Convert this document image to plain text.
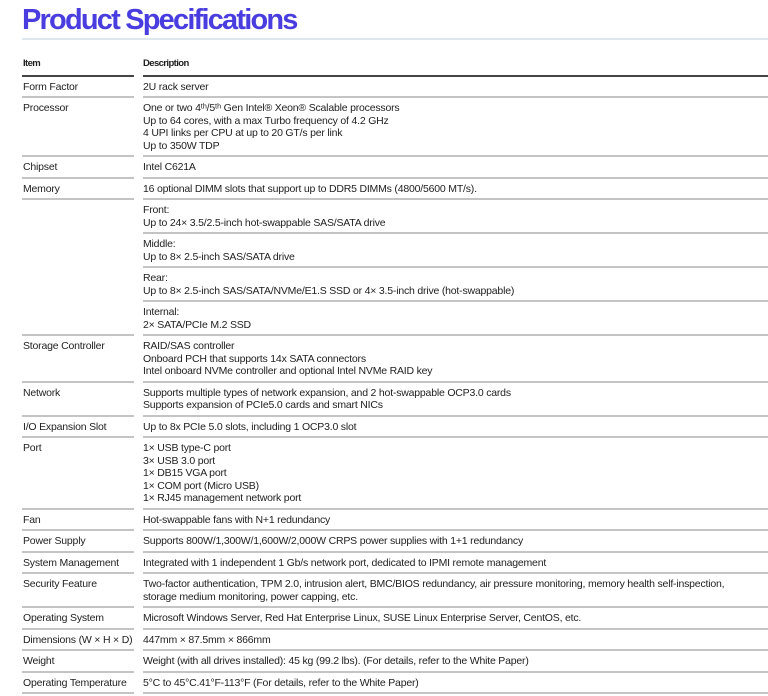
Product Specifications
Item	Description
Form Factor	2U rack server
Processor	One or two 4ᵗʰ/5ᵗʰ Gen Intel® Xeon® Scalable processors
Up to 64 cores, with a max Turbo frequency of 4.2 GHz
4 UPI links per CPU at up to 20 GT/s per link
Up to 350W TDP
Chipset	Intel C621A
Memory	16 optional DIMM slots that support up to DDR5 DIMMs (4800/5600 MT/s).
Front:
Up to 24× 3.5/2.5-inch hot-swappable SAS/SATA drive
Middle:
Up to 8× 2.5-inch SAS/SATA drive
Rear:
Up to 8× 2.5-inch SAS/SATA/NVMe/E1.S SSD or 4× 3.5-inch drive (hot-swappable)
Internal:
2× SATA/PCIe M.2 SSD
Storage Controller	RAID/SAS controller
Onboard PCH that supports 14x SATA connectors
Intel onboard NVMe controller and optional Intel NVMe RAID key
Network	Supports multiple types of network expansion, and 2 hot-swappable OCP3.0 cards
Supports expansion of PCIe5.0 cards and smart NICs
I/O Expansion Slot	Up to 8x PCIe 5.0 slots, including 1 OCP3.0 slot
Port	1× USB type-C port
3× USB 3.0 port
1× DB15 VGA port
1× COM port (Micro USB)
1× RJ45 management network port
Fan	Hot-swappable fans with N+1 redundancy
Power Supply	Supports 800W/1,300W/1,600W/2,000W CRPS power supplies with 1+1 redundancy
System Management	Integrated with 1 independent 1 Gb/s network port, dedicated to IPMI remote management
Security Feature	Two-factor authentication, TPM 2.0, intrusion alert, BMC/BIOS redundancy, air pressure monitoring, memory health self-inspection,
storage medium monitoring, power capping, etc.
Operating System	Microsoft Windows Server, Red Hat Enterprise Linux, SUSE Linux Enterprise Server, CentOS, etc.
Dimensions (W × H × D) 447mm × 87.5mm × 866mm
Weight	Weight (with all drives installed): 45 kg (99.2 lbs). (For details, refer to the White Paper)
Operating Temperature	5°C to 45°C.41°F-113°F (For details, refer to the White Paper)
